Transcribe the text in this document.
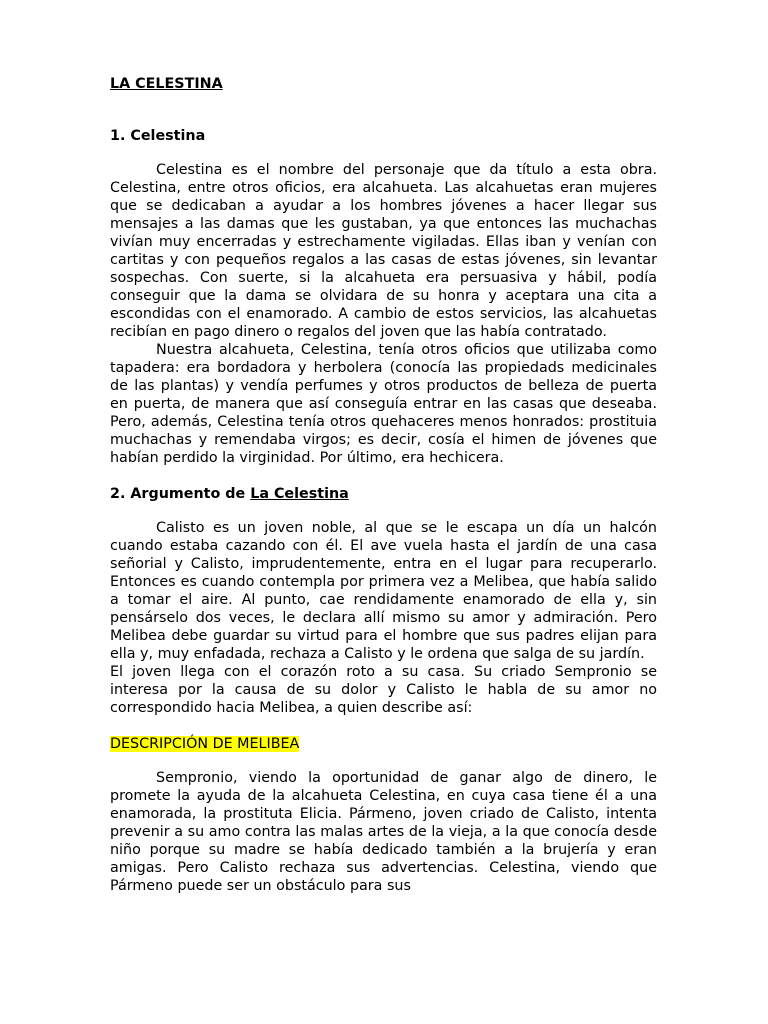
LA CELESTINA
1. Celestina

Celestina es el nombre del personaje que da título a esta obra. Celestina, entre otros oficios, era alcahueta. Las alcahuetas eran mujeres que se dedicaban a ayudar a los hombres jóvenes a hacer llegar sus mensajes a las damas que les gustaban, ya que entonces las muchachas vivían muy encerradas y estrechamente vigiladas. Ellas iban y venían con cartitas y con pequeños regalos a las casas de estas jóvenes, sin levantar sospechas. Con suerte, si la alcahueta era persuasiva y hábil, podía conseguir que la dama se olvidara de su honra y aceptara una cita a escondidas con el enamorado. A cambio de estos servicios, las alcahuetas recibían en pago dinero o regalos del joven que las había contratado.

Nuestra alcahueta, Celestina, tenía otros oficios que utilizaba como tapadera: era bordadora y herbolera (conocía las propiedads medicinales de las plantas) y vendía perfumes y otros productos de belleza de puerta en puerta, de manera que así conseguía entrar en las casas que deseaba. Pero, además, Celestina tenía otros quehaceres menos honrados: prostituia muchachas y remendaba virgos; es decir, cosía el himen de jóvenes que habían perdido la virginidad. Por último, era hechicera.

2. Argumento de La Celestina

Calisto es un joven noble, al que se le escapa un día un halcón cuando estaba cazando con él. El ave vuela hasta el jardín de una casa señorial y Calisto, imprudentemente, entra en el lugar para recuperarlo. Entonces es cuando contempla por primera vez a Melibea, que había salido a tomar el aire. Al punto, cae rendidamente enamorado de ella y, sin pensárselo dos veces, le declara allí mismo su amor y admiración. Pero Melibea debe guardar su virtud para el hombre que sus padres elijan para ella y, muy enfadada, rechaza a Calisto y le ordena que salga de su jardín.

El joven llega con el corazón roto a su casa. Su criado Sempronio se interesa por la causa de su dolor y Calisto le habla de su amor no correspondido hacia Melibea, a quien describe así:

DESCRIPCIÓN DE MELIBEA

Sempronio, viendo la oportunidad de ganar algo de dinero, le promete la ayuda de la alcahueta Celestina, en cuya casa tiene él a una enamorada, la prostituta Elicia. Pármeno, joven criado de Calisto, intenta prevenir a su amo contra las malas artes de la vieja, a la que conocía desde niño porque su madre se había dedicado también a la brujería y eran amigas. Pero Calisto rechaza sus advertencias. Celestina, viendo que Pármeno puede ser un obstáculo para sus
